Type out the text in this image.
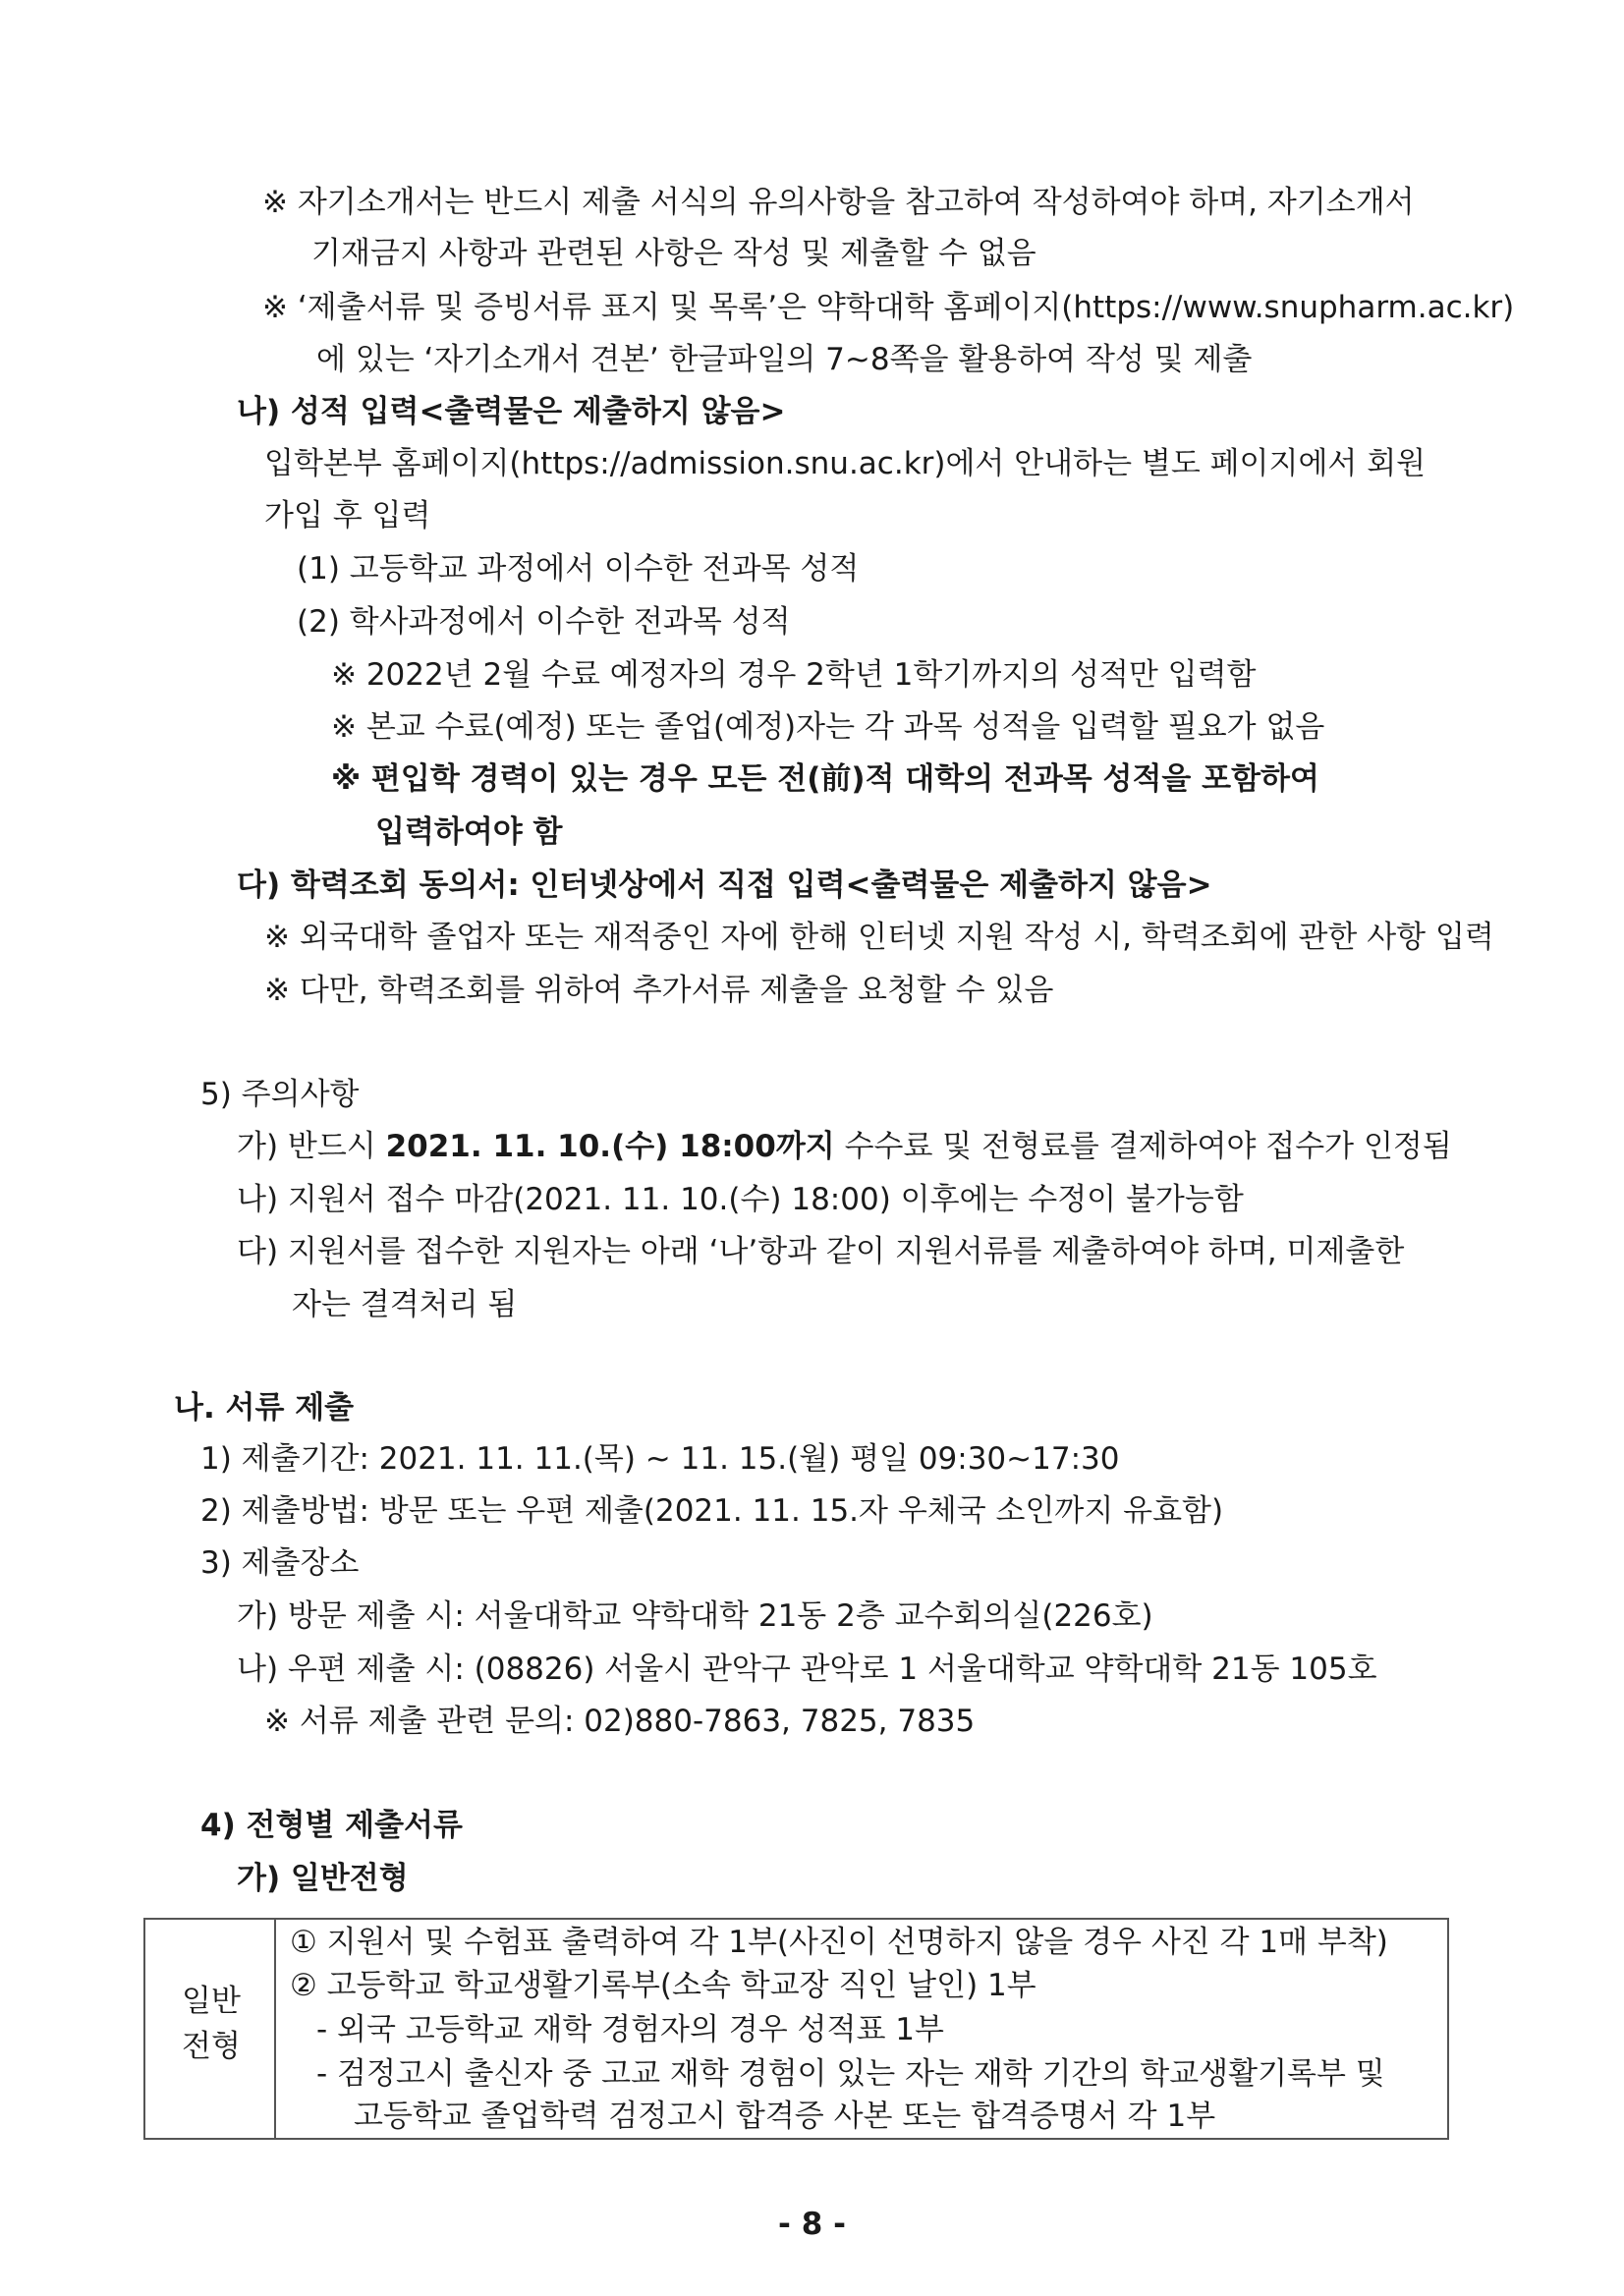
※ 자기소개서는 반드시 제출 서식의 유의사항을 참고하여 작성하여야 하며, 자기소개서
기재금지 사항과 관련된 사항은 작성 및 제출할 수 없음
※ ‘제출서류 및 증빙서류 표지 및 목록’은 약학대학 홈페이지(https://www.snupharm.ac.kr)
에 있는 ‘자기소개서 견본’ 한글파일의 7~8쪽을 활용하여 작성 및 제출
나) 성적 입력<출력물은 제출하지 않음>
입학본부 홈페이지(https://admission.snu.ac.kr)에서 안내하는 별도 페이지에서 회원
가입 후 입력
(1) 고등학교 과정에서 이수한 전과목 성적
(2) 학사과정에서 이수한 전과목 성적
※ 2022년 2월 수료 예정자의 경우 2학년 1학기까지의 성적만 입력함
※ 본교 수료(예정) 또는 졸업(예정)자는 각 과목 성적을 입력할 필요가 없음
※ 편입학 경력이 있는 경우 모든 전(前)적 대학의 전과목 성적을 포함하여
입력하여야 함
다) 학력조회 동의서: 인터넷상에서 직접 입력<출력물은 제출하지 않음>
※ 외국대학 졸업자 또는 재적중인 자에 한해 인터넷 지원 작성 시, 학력조회에 관한 사항 입력
※ 다만, 학력조회를 위하여 추가서류 제출을 요청할 수 있음
5) 주의사항
가) 반드시 2021. 11. 10.(수) 18:00까지 수수료 및 전형료를 결제하여야 접수가 인정됨
나) 지원서 접수 마감(2021. 11. 10.(수) 18:00) 이후에는 수정이 불가능함
다) 지원서를 접수한 지원자는 아래 ‘나’항과 같이 지원서류를 제출하여야 하며, 미제출한
자는 결격처리 됨
나. 서류 제출
1) 제출기간: 2021. 11. 11.(목) ~ 11. 15.(월) 평일 09:30~17:30
2) 제출방법: 방문 또는 우편 제출(2021. 11. 15.자 우체국 소인까지 유효함)
3) 제출장소
가) 방문 제출 시: 서울대학교 약학대학 21동 2층 교수회의실(226호)
나) 우편 제출 시: (08826) 서울시 관악구 관악로 1 서울대학교 약학대학 21동 105호
※ 서류 제출 관련 문의: 02)880-7863, 7825, 7835
4) 전형별 제출서류
가) 일반전형
일반
전형
① 지원서 및 수험표 출력하여 각 1부(사진이 선명하지 않을 경우 사진 각 1매 부착)
② 고등학교 학교생활기록부(소속 학교장 직인 날인) 1부
- 외국 고등학교 재학 경험자의 경우 성적표 1부
- 검정고시 출신자 중 고교 재학 경험이 있는 자는 재학 기간의 학교생활기록부 및
고등학교 졸업학력 검정고시 합격증 사본 또는 합격증명서 각 1부
- 8 -
